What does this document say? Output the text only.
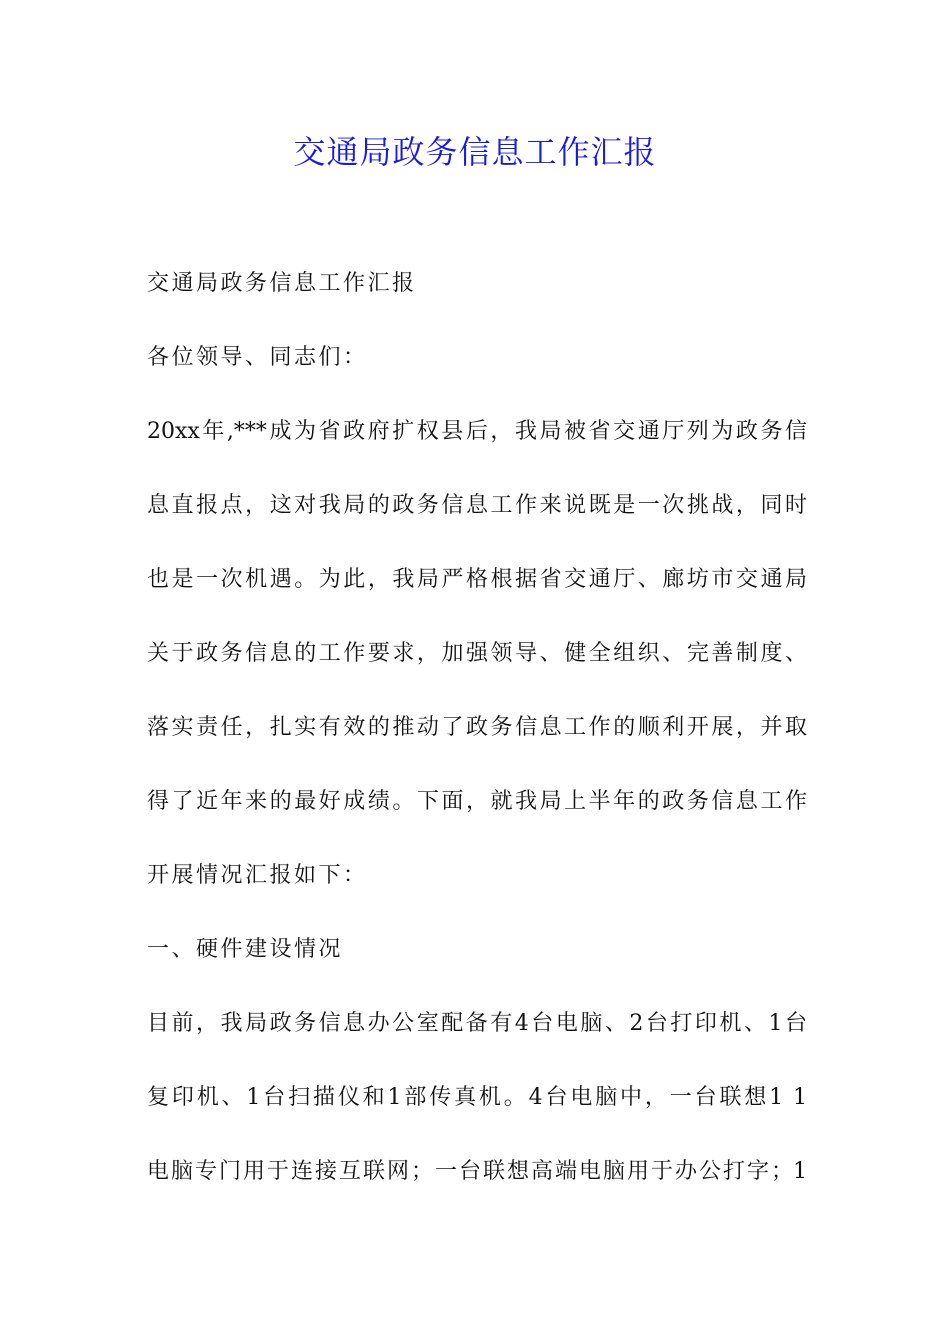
交通局政务信息工作汇报
交通局政务信息工作汇报
各位领导、同志们：
20xx年,***成为省政府扩权县后，我局被省交通厅列为政务信
息直报点，这对我局的政务信息工作来说既是一次挑战，同时
也是一次机遇。为此，我局严格根据省交通厅、廊坊市交通局
关于政务信息的工作要求，加强领导、健全组织、完善制度、
落实责任，扎实有效的推动了政务信息工作的顺利开展，并取
得了近年来的最好成绩。下面，就我局上半年的政务信息工作
开展情况汇报如下：
一、硬件建设情况
目前，我局政务信息办公室配备有4台电脑、2台打印机、1台
复印机、1台扫描仪和1部传真机。4台电脑中，一台联想1 1
电脑专门用于连接互联网；一台联想高端电脑用于办公打字；1
